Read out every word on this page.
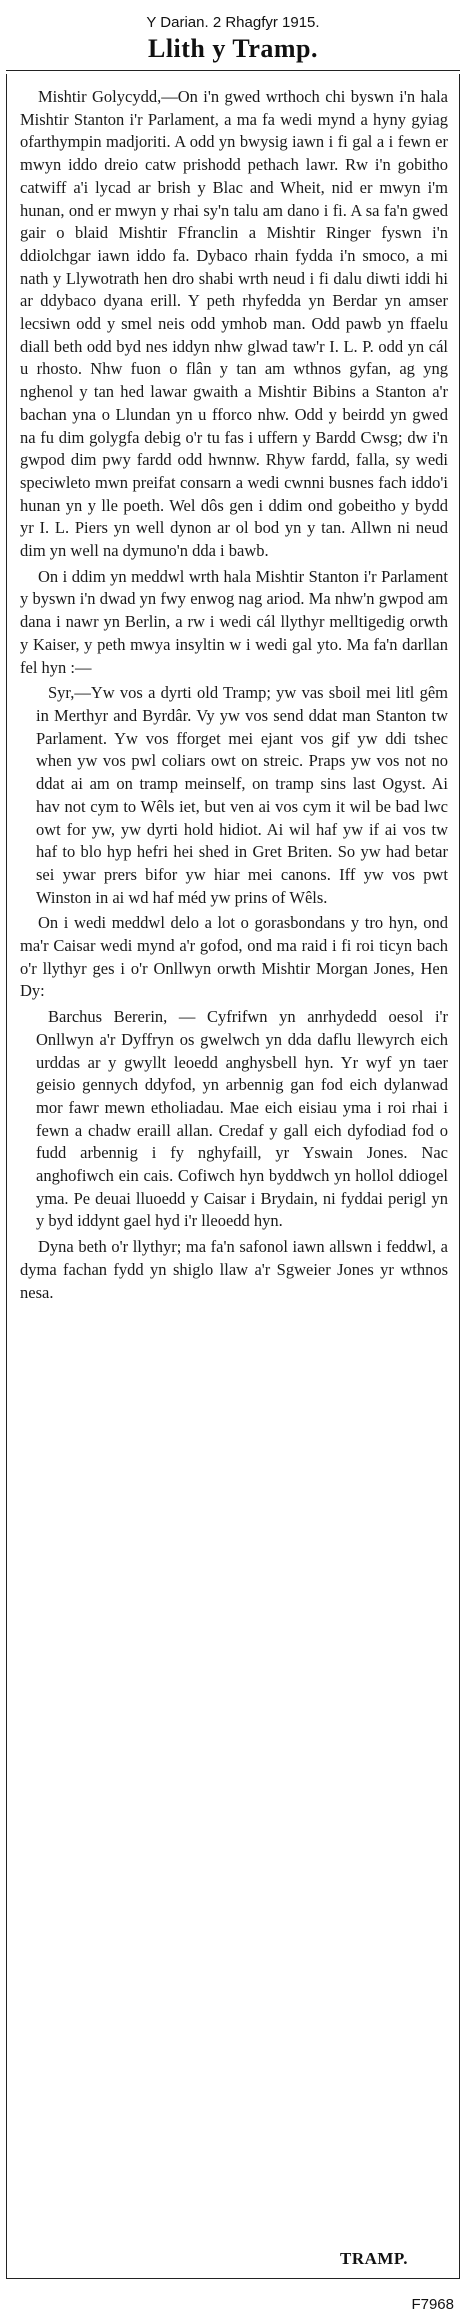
Y Darian. 2 Rhagfyr 1915.
Llith y Tramp.

Mishtir Golycydd,—On i'n gwed wrthoch chi byswn i'n hala Mishtir Stanton i'r Parlament, a ma fa wedi mynd a hyny gyiag ofarthympin madjoriti. A odd yn bwysig iawn i fi gal a i fewn er mwyn iddo dreio catw prishodd pethach lawr. Rw i'n gobitho catwiff a'i lycad ar brish y Blac and Wheit, nid er mwyn i'm hunan, ond er mwyn y rhai sy'n talu am dano i fi. A sa fa'n gwed gair o blaid Mishtir Ffranclin a Mishtir Ringer fyswn i'n ddiolchgar iawn iddo fa. Dybaco rhain fydda i'n smoco, a mi nath y Llywotrath hen dro shabi wrth neud i fi dalu diwti iddi hi ar ddybaco dyana erill. Y peth rhyfedda yn Berdar yn amser lecsiwn odd y smel neis odd ymhob man. Odd pawb yn ffaelu diall beth odd byd nes iddyn nhw glwad taw'r I. L. P. odd yn cál u rhosto. Nhw fuon o flân y tan am wthnos gyfan, ag yng nghenol y tan hed lawar gwaith a Mishtir Bibins a Stanton a'r bachan yna o Llundan yn u fforco nhw. Odd y beirdd yn gwed na fu dim golygfa debig o'r tu fas i uffern y Bardd Cwsg; dw i'n gwpod dim pwy fardd odd hwnnw. Rhyw fardd, falla, sy wedi speciwleto mwn preifat consarn a wedi cwnni busnes fach iddo'i hunan yn y lle poeth. Wel dôs gen i ddim ond gobeitho y bydd yr I. L. Piers yn well dynon ar ol bod yn y tan. Allwn ni neud dim yn well na dymuno'n dda i bawb.

On i ddim yn meddwl wrth hala Mishtir Stanton i'r Parlament y byswn i'n dwad yn fwy enwog nag ariod. Ma nhw'n gwpod am dana i nawr yn Berlin, a rw i wedi cál llythyr melltigedig orwth y Kaiser, y peth mwya insyltin w i wedi gal yto. Ma fa'n darllan fel hyn :—

Syr,—Yw vos a dyrti old Tramp; yw vas sboil mei litl gêm in Merthyr and Byrdâr. Vy yw vos send ddat man Stanton tw Parlament. Yw vos fforget mei ejant vos gif yw ddi tshec when yw vos pwl coliars owt on streic. Praps yw vos not no ddat ai am on tramp meinself, on tramp sins last Ogyst. Ai hav not cym to Wêls iet, but ven ai vos cym it wil be bad lwc owt for yw, yw dyrti hold hidiot. Ai wil haf yw if ai vos tw haf to blo hyp hefri hei shed in Gret Briten. So yw had betar sei ywar prers bifor yw hiar mei canons. Iff yw vos pwt Winston in ai wd haf méd yw prins of Wêls.

On i wedi meddwl delo a lot o gorasbondans y tro hyn, ond ma'r Caisar wedi mynd a'r gofod, ond ma raid i fi roi ticyn bach o'r llythyr ges i o'r Onllwyn orwth Mishtir Morgan Jones, Hen Dy:

Barchus Bererin, — Cyfrifwn yn anrhydedd oesol i'r Onllwyn a'r Dyffryn os gwelwch yn dda daflu llewyrch eich urddas ar y gwyllt leoedd anghysbell hyn. Yr wyf yn taer geisio gennych ddyfod, yn arbennig gan fod eich dylanwad mor fawr mewn etholiadau. Mae eich eisiau yma i roi rhai i fewn a chadw eraill allan. Credaf y gall eich dyfodiad fod o fudd arbennig i fy nghyfaill, yr Yswain Jones. Nac anghofiwch ein cais. Cofiwch hyn byddwch yn hollol ddiogel yma. Pe deuai lluoedd y Caisar i Brydain, ni fyddai perigl yn y byd iddynt gael hyd i'r lleoedd hyn.

Dyna beth o'r llythyr; ma fa'n safonol iawn allswn i feddwl, a dyma fachan fydd yn shiglo llaw a'r Sgweier Jones yr wthnos nesa.

TRAMP.
F7968
